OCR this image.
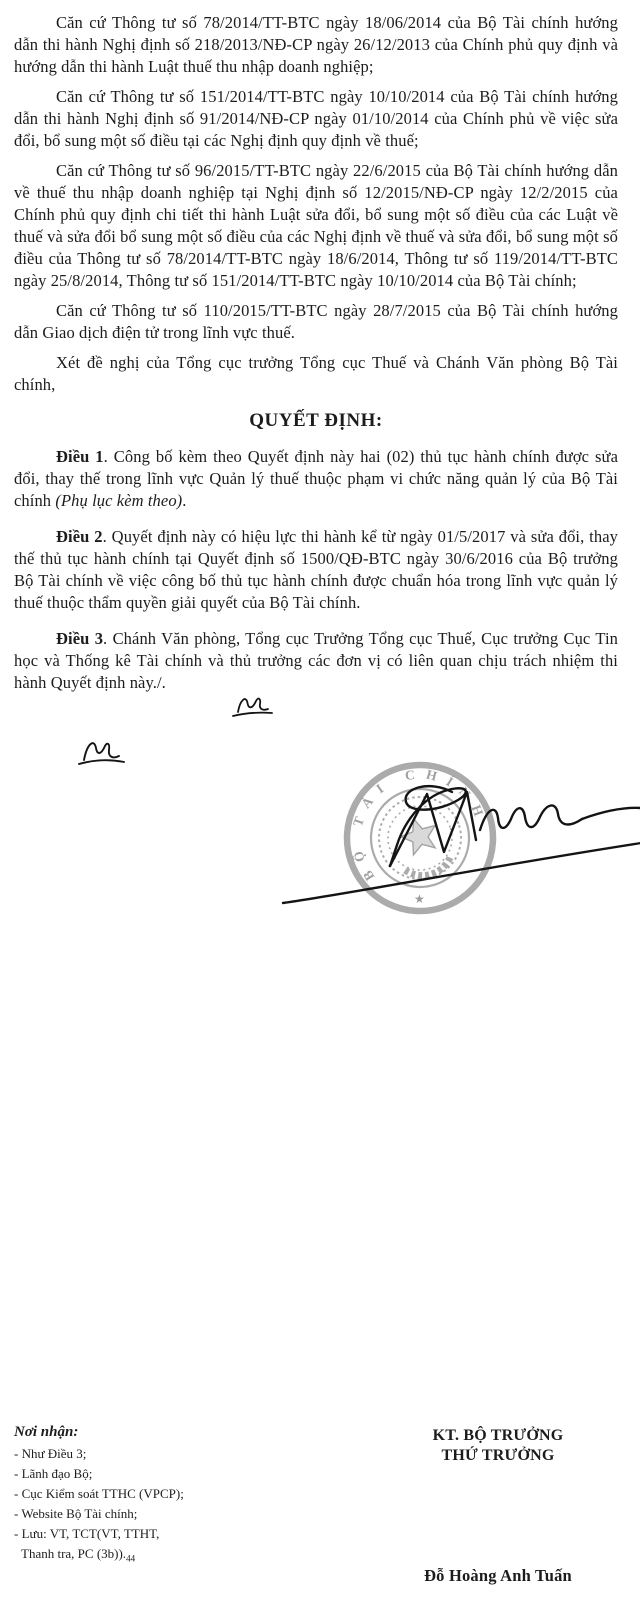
BỘ TÀI CHÍNH
★

Căn cứ Thông tư số 78/2014/TT-BTC ngày 18/06/2014 của Bộ Tài chính hướng dẫn thi hành Nghị định số 218/2013/NĐ-CP ngày 26/12/2013 của Chính phủ quy định và hướng dẫn thi hành Luật thuế thu nhập doanh nghiệp;

Căn cứ Thông tư số 151/2014/TT-BTC ngày 10/10/2014 của Bộ Tài chính hướng dẫn thi hành Nghị định số 91/2014/NĐ-CP ngày 01/10/2014 của Chính phủ về việc sửa đổi, bổ sung một số điều tại các Nghị định quy định về thuế;

Căn cứ Thông tư số 96/2015/TT-BTC ngày 22/6/2015 của Bộ Tài chính hướng dẫn về thuế thu nhập doanh nghiệp tại Nghị định số 12/2015/NĐ-CP ngày 12/2/2015 của Chính phủ quy định chi tiết thi hành Luật sửa đổi, bổ sung một số điều của các Luật về thuế và sửa đổi bổ sung một số điều của các Nghị định về thuế và sửa đổi, bổ sung một số điều của Thông tư số 78/2014/TT-BTC ngày 18/6/2014, Thông tư số 119/2014/TT-BTC ngày 25/8/2014, Thông tư số 151/2014/TT-BTC ngày 10/10/2014 của Bộ Tài chính;

Căn cứ Thông tư số 110/2015/TT-BTC ngày 28/7/2015 của Bộ Tài chính hướng dẫn Giao dịch điện tử trong lĩnh vực thuế.

Xét đề nghị của Tổng cục trưởng Tổng cục Thuế và Chánh Văn phòng Bộ Tài chính,

QUYẾT ĐỊNH:

Điều 1. Công bố kèm theo Quyết định này hai (02) thủ tục hành chính được sửa đổi, thay thế trong lĩnh vực Quản lý thuế thuộc phạm vi chức năng quản lý của Bộ Tài chính (Phụ lục kèm theo).

Điều 2. Quyết định này có hiệu lực thi hành kể từ ngày 01/5/2017 và sửa đổi, thay thế thủ tục hành chính tại Quyết định số 1500/QĐ-BTC ngày 30/6/2016 của Bộ trưởng Bộ Tài chính về việc công bố thủ tục hành chính được chuẩn hóa trong lĩnh vực quản lý thuế thuộc thẩm quyền giải quyết của Bộ Tài chính.

Điều 3. Chánh Văn phòng, Tổng cục Trưởng Tổng cục Thuế, Cục trưởng Cục Tin học và Thống kê Tài chính và thủ trưởng các đơn vị có liên quan chịu trách nhiệm thi hành Quyết định này./.

Nơi nhận:
- Như Điều 3;
- Lãnh đạo Bộ;
- Cục Kiểm soát TTHC (VPCP);
- Website Bộ Tài chính;
- Lưu: VT, TCT(VT, TTHT,
Thanh tra, PC $(3b))._{44}$
KT. BỘ TRƯỞNG
THỨ TRƯỞNG
Đỗ Hoàng Anh Tuấn
